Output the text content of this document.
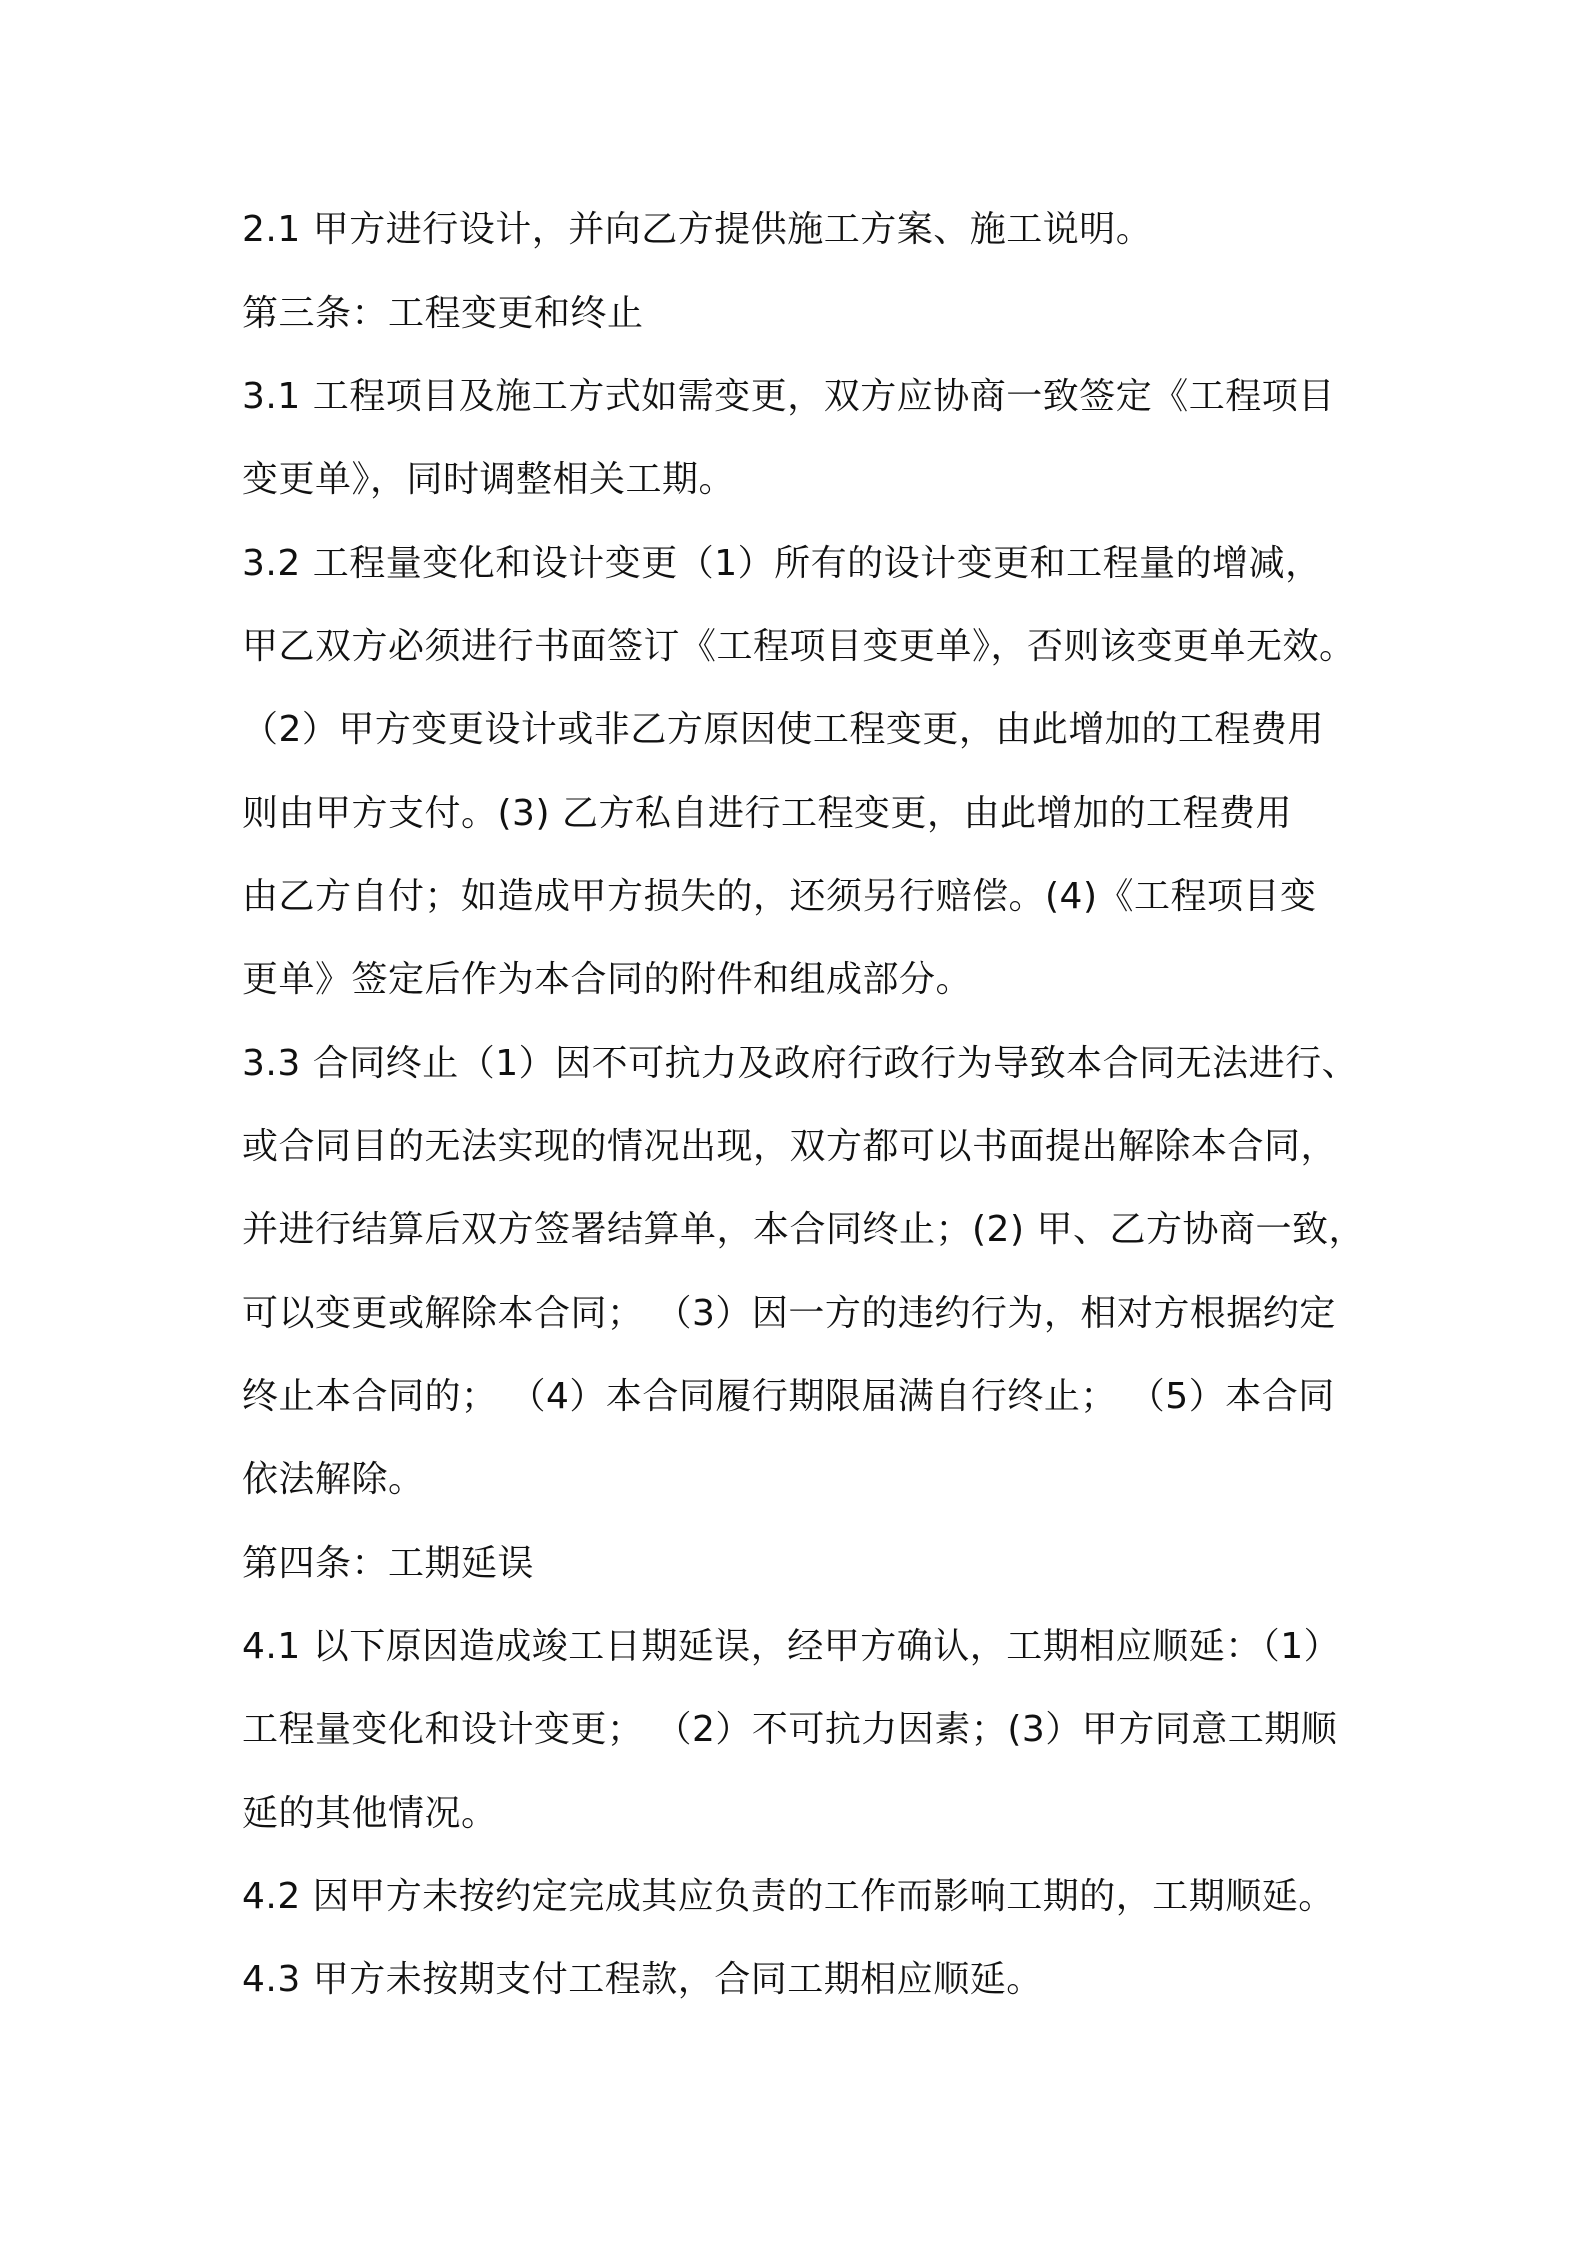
2.1 甲方进行设计，并向乙方提供施工方案、施工说明。
第三条：工程变更和终止
3.1 工程项目及施工方式如需变更，双方应协商一致签定《工程项目
变更单》，同时调整相关工期。
3.2 工程量变化和设计变更（1）所有的设计变更和工程量的增减，
甲乙双方必须进行书面签订《工程项目变更单》，否则该变更单无效。
（2）甲方变更设计或非乙方原因使工程变更，由此增加的工程费用
则由甲方支付。(3) 乙方私自进行工程变更，由此增加的工程费用
由乙方自付；如造成甲方损失的，还须另行赔偿。(4)《工程项目变
更单》签定后作为本合同的附件和组成部分。
3.3 合同终止（1）因不可抗力及政府行政行为导致本合同无法进行、
或合同目的无法实现的情况出现，双方都可以书面提出解除本合同，
并进行结算后双方签署结算单，本合同终止；(2) 甲、乙方协商一致，
可以变更或解除本合同； （3）因一方的违约行为，相对方根据约定
终止本合同的； （4）本合同履行期限届满自行终止； （5）本合同
依法解除。
第四条：工期延误
4.1 以下原因造成竣工日期延误，经甲方确认，工期相应顺延：（1）
工程量变化和设计变更； （2）不可抗力因素；(3）甲方同意工期顺
延的其他情况。
4.2 因甲方未按约定完成其应负责的工作而影响工期的，工期顺延。
4.3 甲方未按期支付工程款，合同工期相应顺延。
